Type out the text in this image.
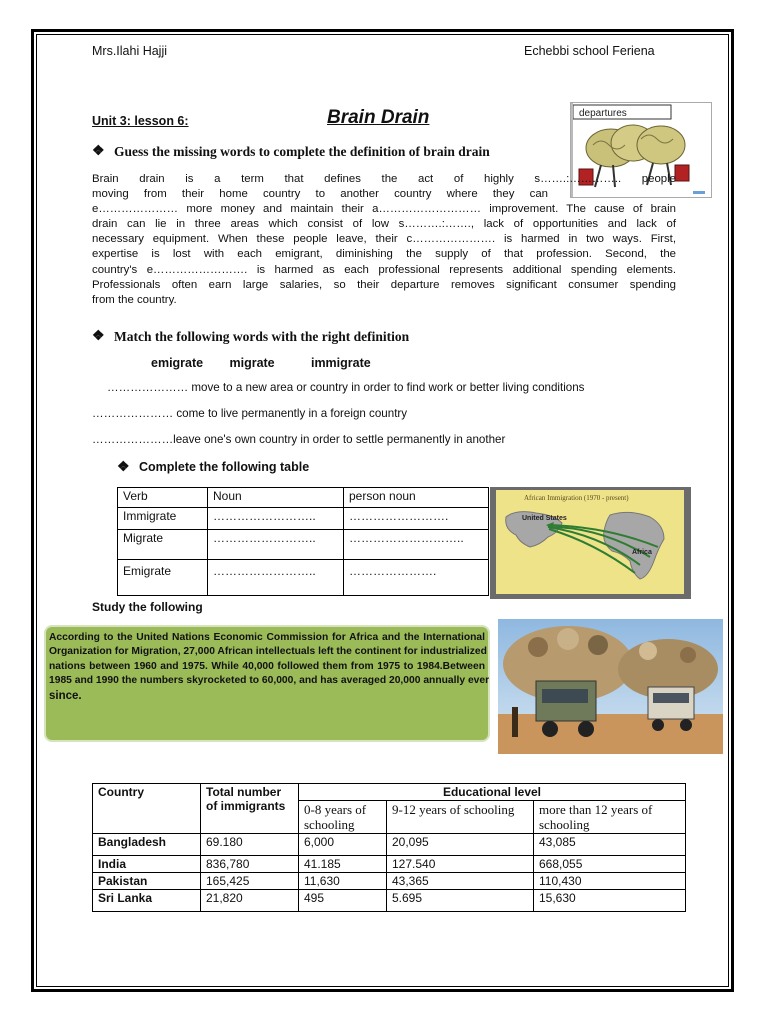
Mrs.Ilahi Hajji	Echebbi school Feriena
Unit 3: lesson 6:	Brain Drain	departures
❖ Guess the missing words to complete the definition of brain drain
Brain drain is a term that defines the act of highly s…….:………….. people
moving from their home country to another country where they can
e………………… more money and maintain their a……………………… improvement. The cause of brain
drain can lie in three areas which consist of low s……….:……., lack of opportunities and lack of
necessary equipment. When these people leave, their c…………………. is harmed in two ways. First,
expertise is lost with each emigrant, diminishing the supply of that profession. Second, the
country's e……………………. is harmed as each professional represents additional spending elements.
Professionals often earn large salaries, so their departure removes significant consumer spending
from the country.
❖ Match the following words with the right definition
emigrate migrate	immigrate
………………… move to a new area or country in order to find work or better living conditions
………………… come to live permanently in a foreign country
…………………leave one's own country in order to settle permanently in another
❖ Complete the following table
Verb	Noun	person noun
Immigrate	……………………..	…………………….
Migrate	……………………..	………………………..
Emigrate	……………………..	………………….
African Immigration (1970 - present)
United States
Africa
Study the following
According to the United Nations Economic Commission for Africa and the International
Organization for Migration, 27,000 African intellectuals left the continent for industrialized
nations between 1960 and 1975. While 40,000 followed them from 1975 to 1984.Between
1985 and 1990 the numbers skyrocketed to 60,000, and has averaged 20,000 annually ever
since.
Country	Total number of immigrants	Educational level		
		0-8 years of schooling	9-12 years of schooling	more than 12 years of schooling
Bangladesh	69.180	6,000	20,095	43,085
India	836,780	41.185	127.540	668,055
Pakistan	165,425	11,630	43,365	110,430
Sri Lanka	21,820	495	5.695	15,630
